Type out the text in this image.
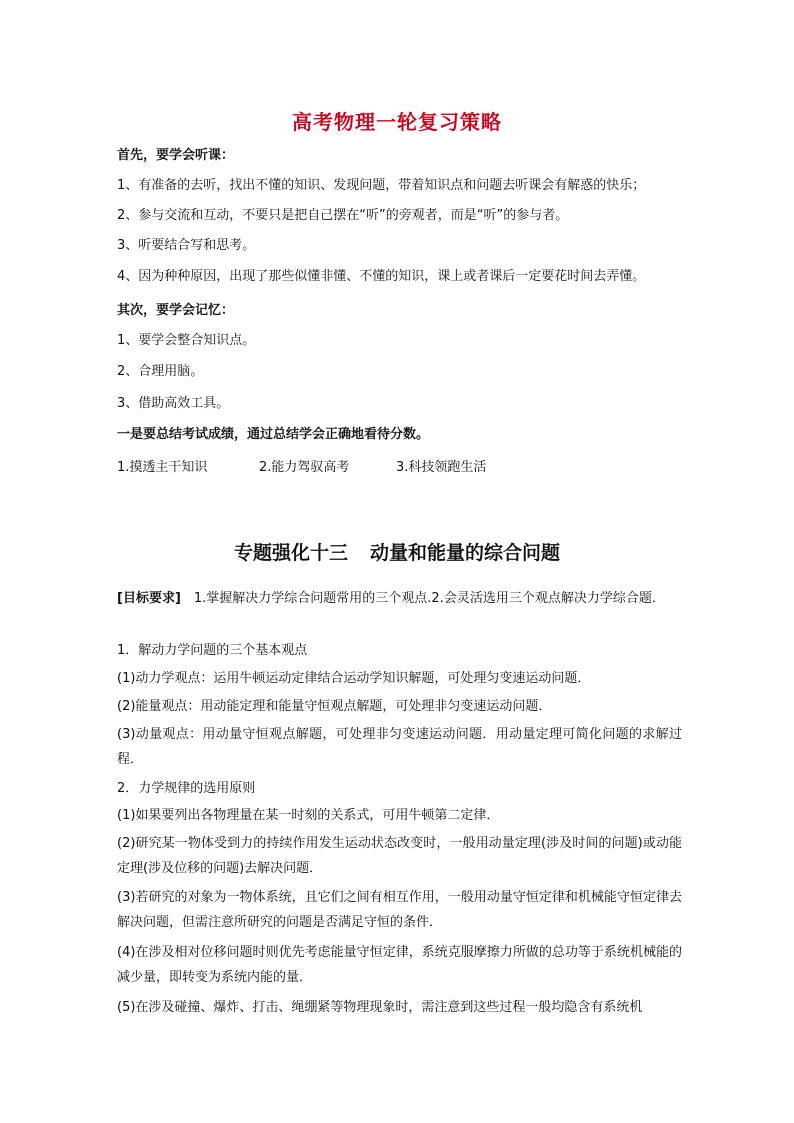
高考物理一轮复习策略
首先，要学会听课：
1、有准备的去听，找出不懂的知识、发现问题，带着知识点和问题去听课会有解惑的快乐；
2、参与交流和互动，不要只是把自己摆在“听”的旁观者，而是“听”的参与者。
3、听要结合写和思考。
4、因为种种原因，出现了那些似懂非懂、不懂的知识，课上或者课后一定要花时间去弄懂。
其次，要学会记忆：
1、要学会整合知识点。
2、合理用脑。
3、借助高效工具。
一是要总结考试成绩，通过总结学会正确地看待分数。
1.摸透主干知识	2.能力驾驭高考	3.科技领跑生活
专题强化十三 动量和能量的综合问题
[目标要求]　1.掌握解决力学综合问题常用的三个观点.2.会灵活选用三个观点解决力学综合题．
1．解动力学问题的三个基本观点
(1)动力学观点：运用牛顿运动定律结合运动学知识解题，可处理匀变速运动问题．
(2)能量观点：用动能定理和能量守恒观点解题，可处理非匀变速运动问题．
(3)动量观点：用动量守恒观点解题，可处理非匀变速运动问题．用动量定理可简化问题的求解过程．
2．力学规律的选用原则
(1)如果要列出各物理量在某一时刻的关系式，可用牛顿第二定律．
(2)研究某一物体受到力的持续作用发生运动状态改变时，一般用动量定理(涉及时间的问题)或动能定理(涉及位移的问题)去解决问题．
(3)若研究的对象为一物体系统，且它们之间有相互作用，一般用动量守恒定律和机械能守恒定律去解决问题，但需注意所研究的问题是否满足守恒的条件．
(4)在涉及相对位移问题时则优先考虑能量守恒定律，系统克服摩擦力所做的总功等于系统机械能的减少量，即转变为系统内能的量．
(5)在涉及碰撞、爆炸、打击、绳绷紧等物理现象时，需注意到这些过程一般均隐含有系统机
